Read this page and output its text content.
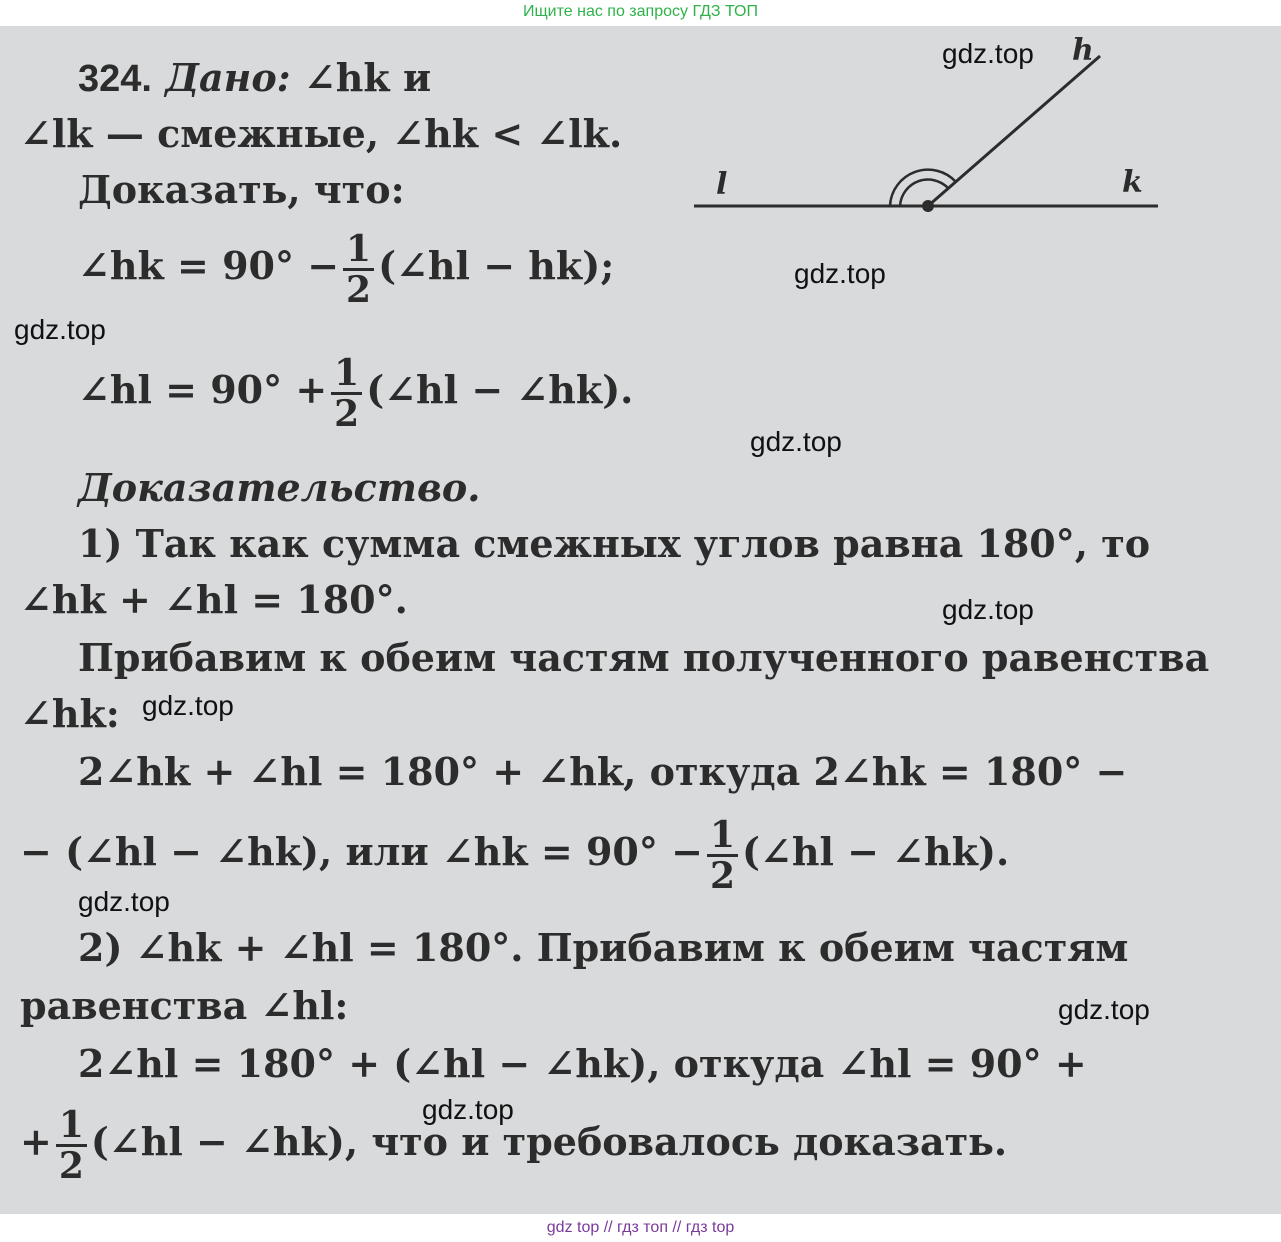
Ищите нас по запросу ГДЗ ТОП
l	k
h
324. Дано: ∠hk и
∠lk — смежные, ∠hk < ∠lk.
Доказать, что:
∠hk = $90^\circ - \frac{1}{2}$ (∠hl − hk);
∠hl = $90^\circ + \frac{1}{2}$ (∠hl − ∠hk).
Доказательство.
1) Так как сумма смежных углов равна 180°, то
∠hk + ∠hl = 180°.
Прибавим к обеим частям полученного равенства
∠hk:
2∠hk + ∠hl = 180° + ∠hk, откуда 2∠hk = 180° −
− (∠hl − ∠hk), или ∠hk = $90^\circ - \frac{1}{2}$ (∠hl − ∠hk).
2) ∠hk + ∠hl = 180°. Прибавим к обеим частям
равенства ∠hl:
2∠hl = 180° + (∠hl − ∠hk), откуда ∠hl = 90° +
+ $\frac{1}{2}$ (∠hl − ∠hk), что и требовалось доказать.
gdz.top
gdz.top
gdz.top
gdz.top
gdz.top
gdz.top
gdz.top
gdz.top
gdz.top
gdz top // гдз топ // гдз top
